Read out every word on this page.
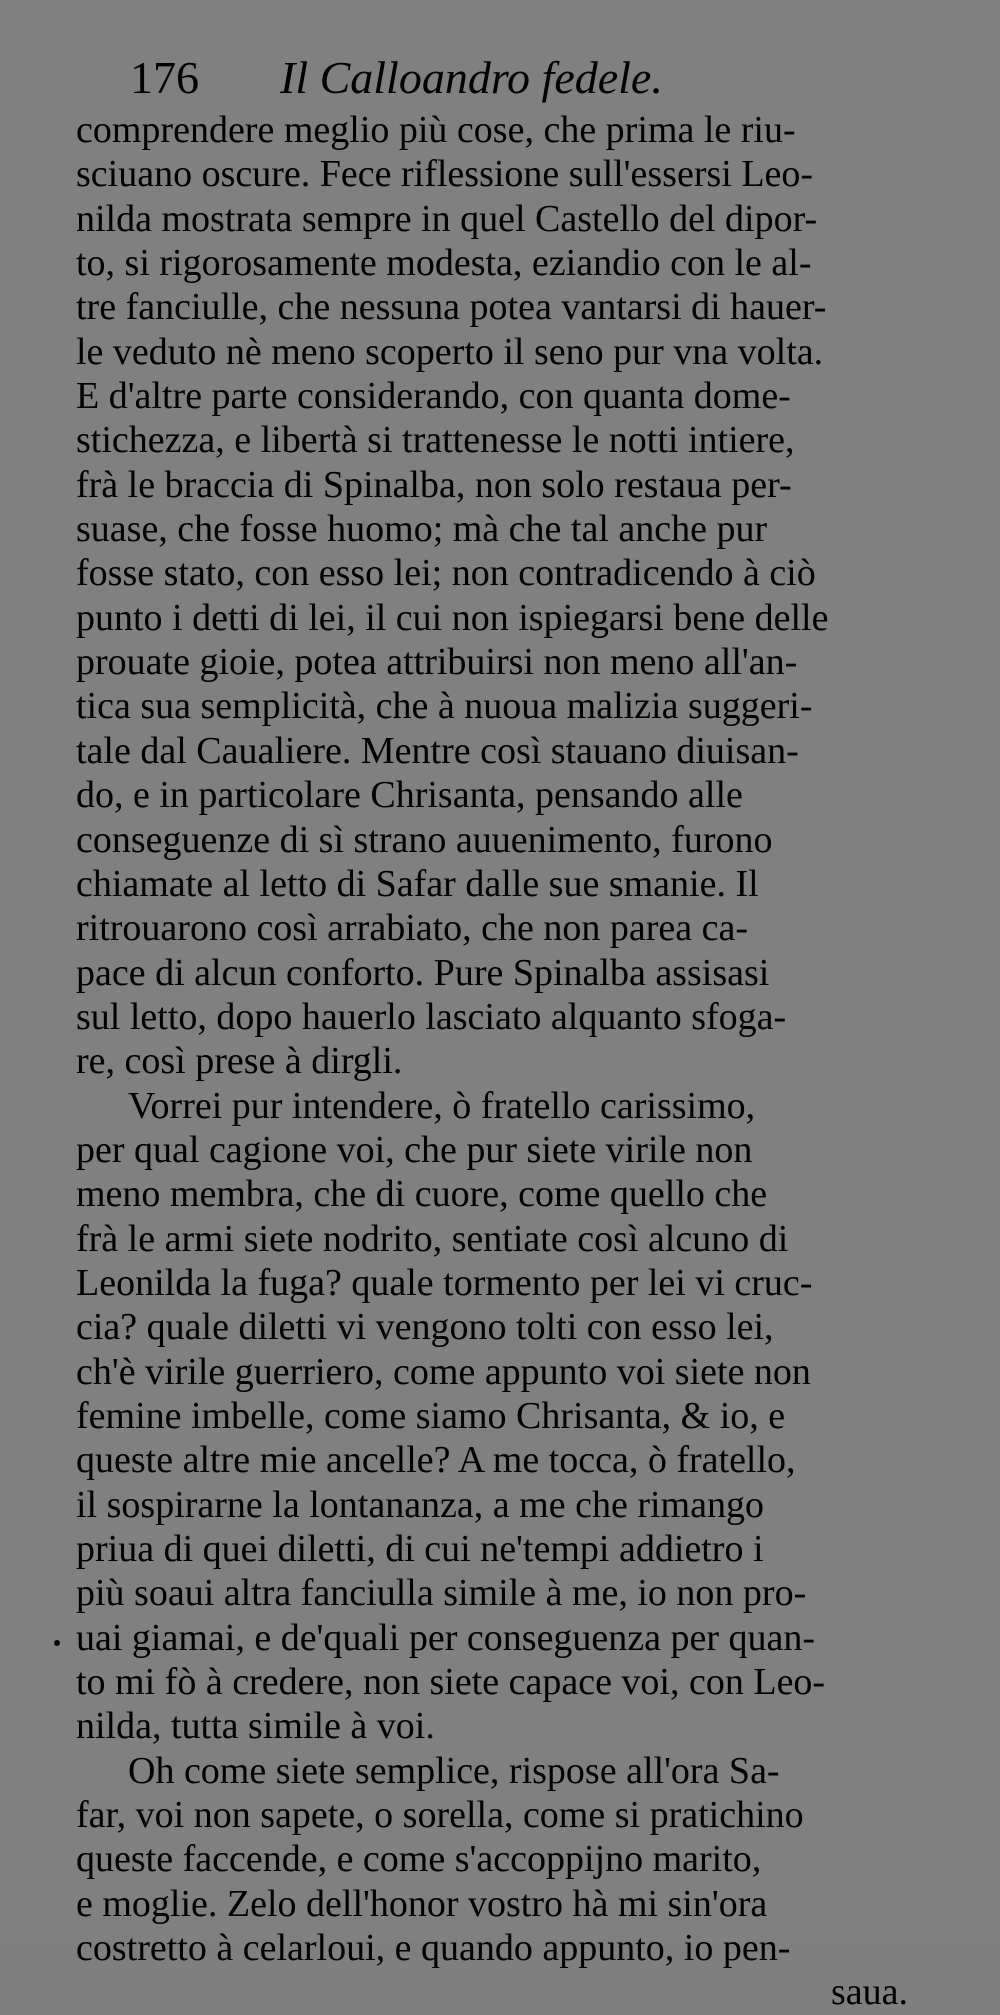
176 Il Calloandro fedele.
comprendere meglio più cose, che prima le riu-
sciuano oscure. Fece riflessione sull'essersi Leo-
nilda mostrata sempre in quel Castello del dipor-
to, si rigorosamente modesta, eziandio con le al-
tre fanciulle, che nessuna potea vantarsi di hauer-
le veduto nè meno scoperto il seno pur vna volta.
E d'altre parte considerando, con quanta dome-
stichezza, e libertà si trattenesse le notti intiere,
frà le braccia di Spinalba, non solo restaua per-
suase, che fosse huomo; mà che tal anche pur
fosse stato, con esso lei; non contradicendo à ciò
punto i detti di lei, il cui non ispiegarsi bene delle
prouate gioie, potea attribuirsi non meno all'an-
tica sua semplicità, che à nuoua malizia suggeri-
tale dal Caualiere. Mentre così stauano diuisan-
do, e in particolare Chrisanta, pensando alle
conseguenze di sì strano auuenimento, furono
chiamate al letto di Safar dalle sue smanie. Il
ritrouarono così arrabiato, che non parea ca-
pace di alcun conforto. Pure Spinalba assisasi
sul letto, dopo hauerlo lasciato alquanto sfoga-
re, così prese à dirgli.
Vorrei pur intendere, ò fratello carissimo,
per qual cagione voi, che pur siete virile non
meno membra, che di cuore, come quello che
frà le armi siete nodrito, sentiate così alcuno di
Leonilda la fuga? quale tormento per lei vi cruc-
cia? quale diletti vi vengono tolti con esso lei,
ch'è virile guerriero, come appunto voi siete non
femine imbelle, come siamo Chrisanta, & io, e
queste altre mie ancelle? A me tocca, ò fratello,
il sospirarne la lontananza, a me che rimango
priua di quei diletti, di cui ne'tempi addietro i
più soaui altra fanciulla simile à me, io non pro-
uai giamai, e de'quali per conseguenza per quan-
to mi fò à credere, non siete capace voi, con Leo-
nilda, tutta simile à voi.
Oh come siete semplice, rispose all'ora Sa-
far, voi non sapete, o sorella, come si pratichino
queste faccende, e come s'accoppijno marito,
e moglie. Zelo dell'honor vostro hà mi sin'ora
costretto à celarloui, e quando appunto, io pen-
saua.
